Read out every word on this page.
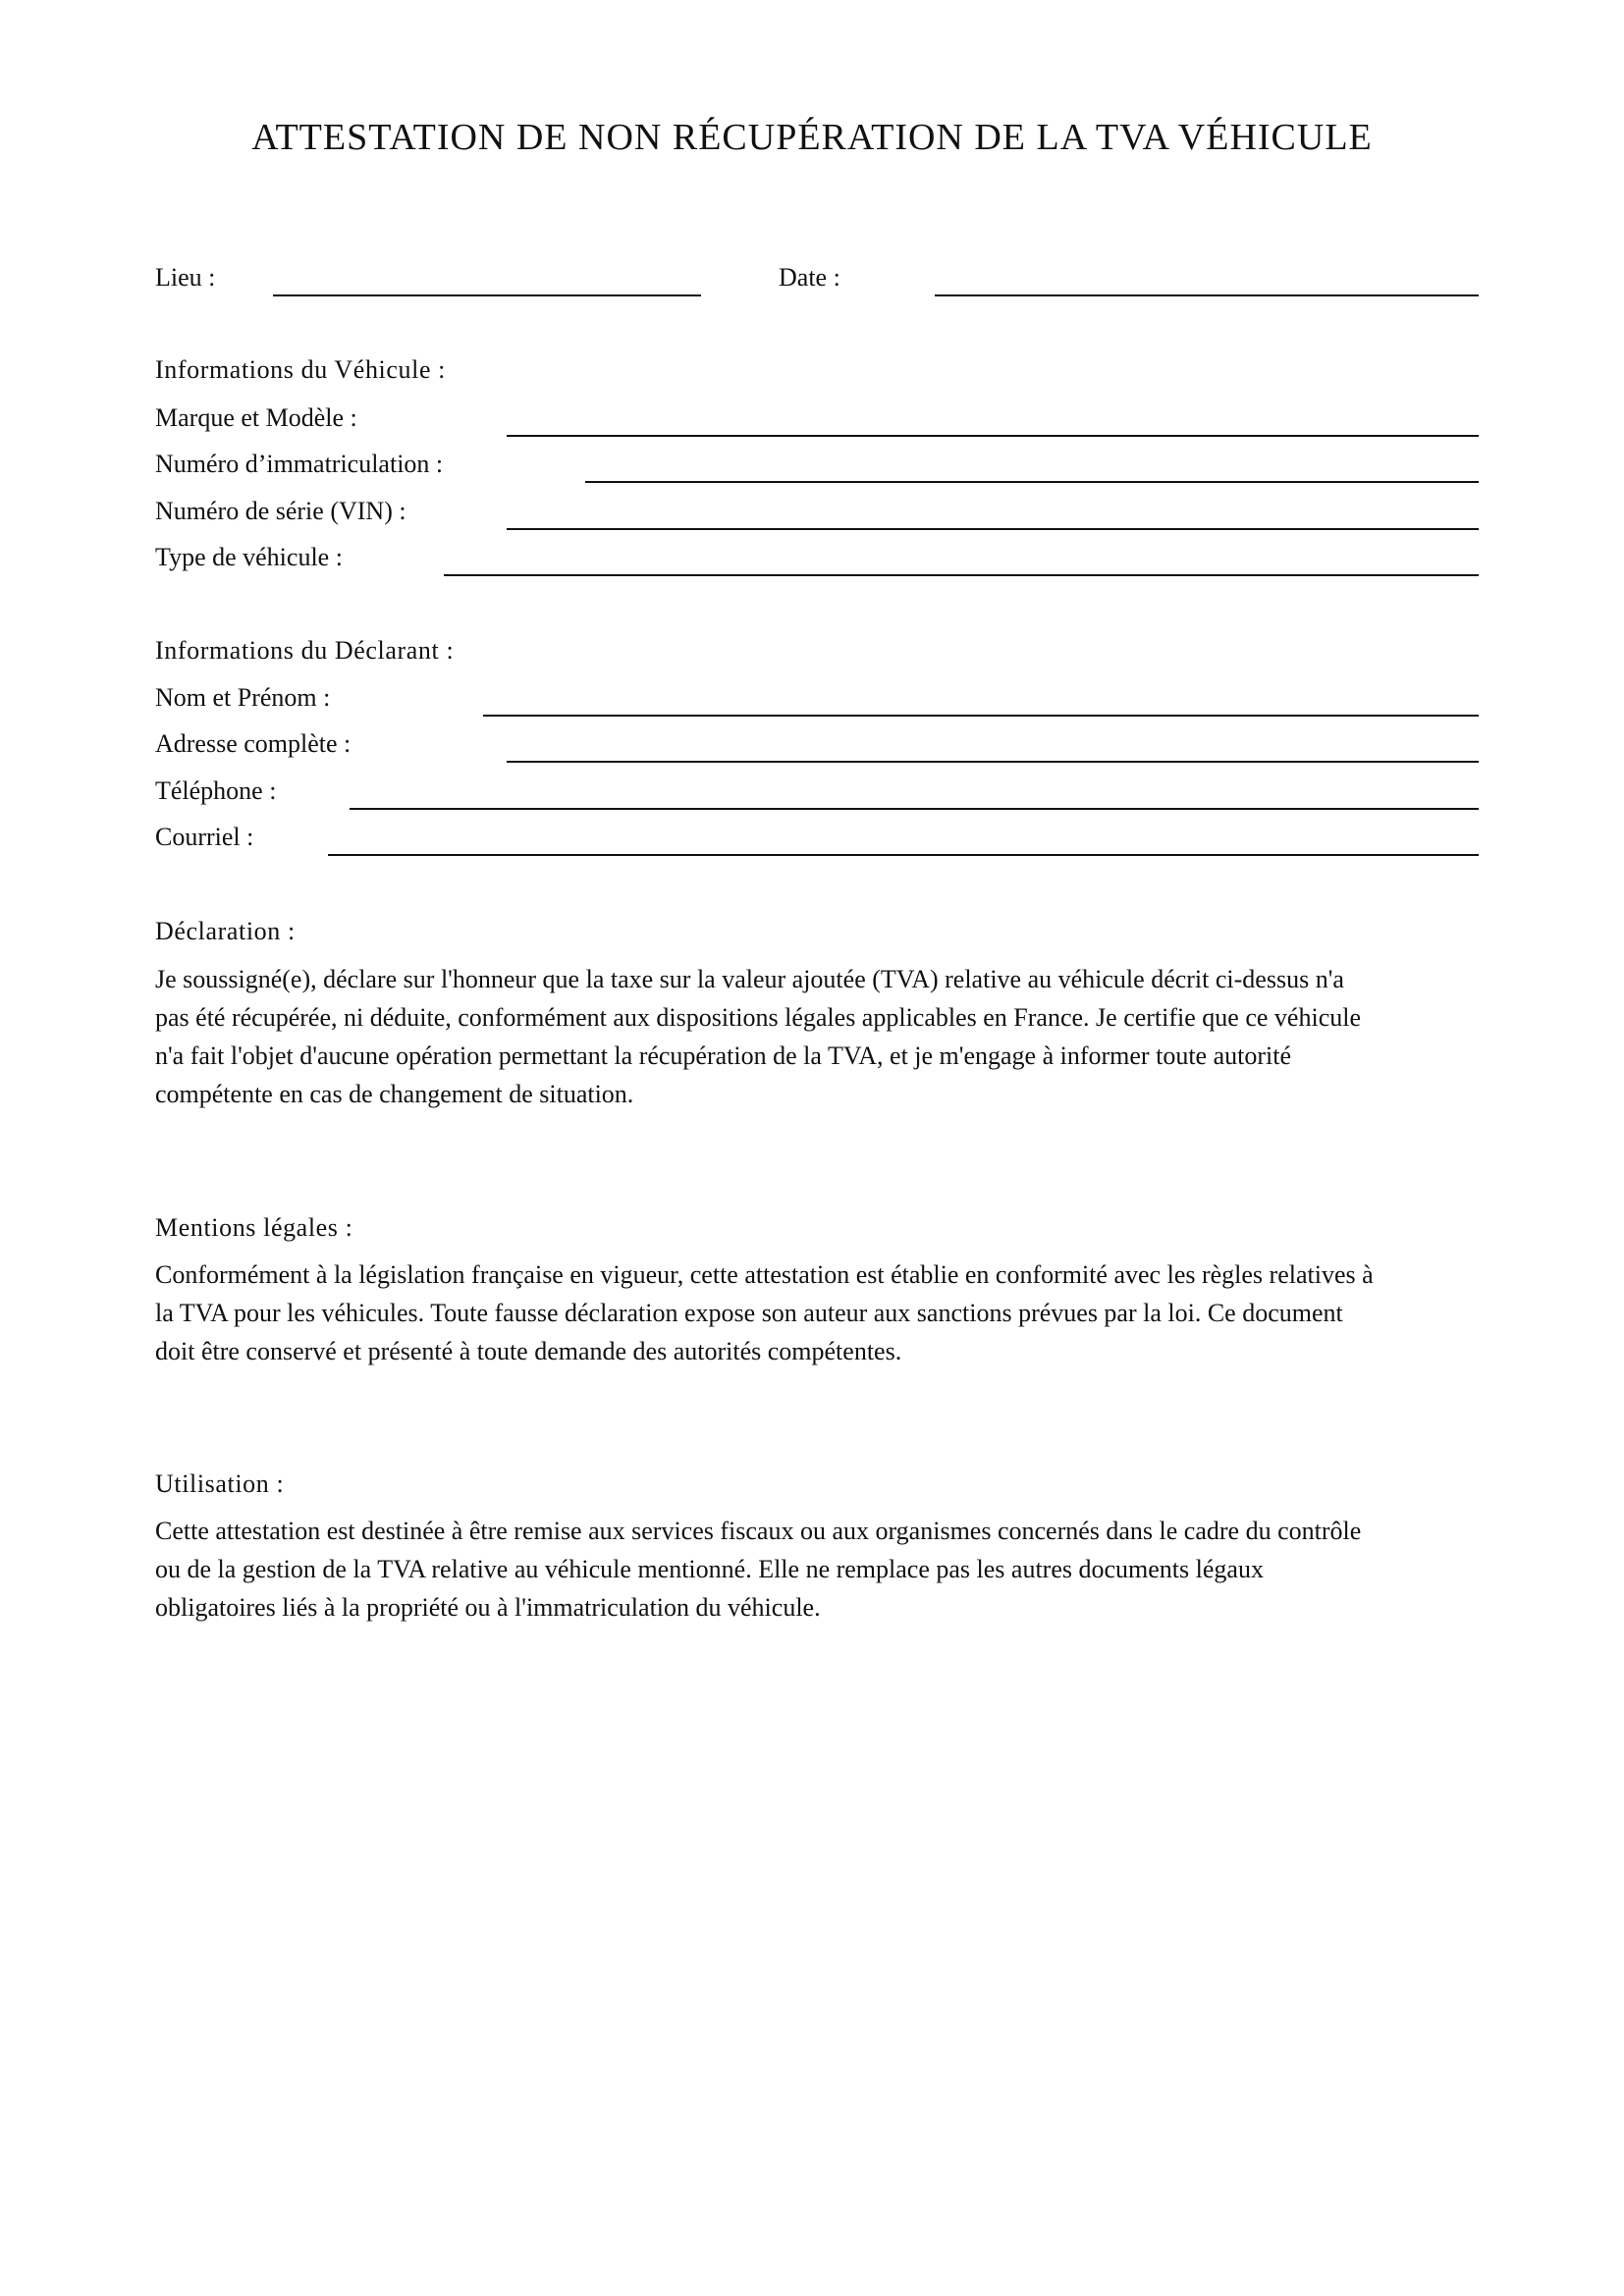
ATTESTATION DE NON RÉCUPÉRATION DE LA TVA VÉHICULE
Lieu :	Date :
Informations du Véhicule :
Marque et Modèle :
Numéro d’immatriculation :
Numéro de série (VIN) :
Type de véhicule :
Informations du Déclarant :
Nom et Prénom :
Adresse complète :
Téléphone :
Courriel :
Déclaration :

Je soussigné(e), déclare sur l'honneur que la taxe sur la valeur ajoutée (TVA) relative au véhicule décrit ci-dessus n'a
pas été récupérée, ni déduite, conformément aux dispositions légales applicables en France. Je certifie que ce véhicule
n'a fait l'objet d'aucune opération permettant la récupération de la TVA, et je m'engage à informer toute autorité
compétente en cas de changement de situation.

Mentions légales :

Conformément à la législation française en vigueur, cette attestation est établie en conformité avec les règles relatives à
la TVA pour les véhicules. Toute fausse déclaration expose son auteur aux sanctions prévues par la loi. Ce document
doit être conservé et présenté à toute demande des autorités compétentes.

Utilisation :

Cette attestation est destinée à être remise aux services fiscaux ou aux organismes concernés dans le cadre du contrôle
ou de la gestion de la TVA relative au véhicule mentionné. Elle ne remplace pas les autres documents légaux
obligatoires liés à la propriété ou à l'immatriculation du véhicule.
